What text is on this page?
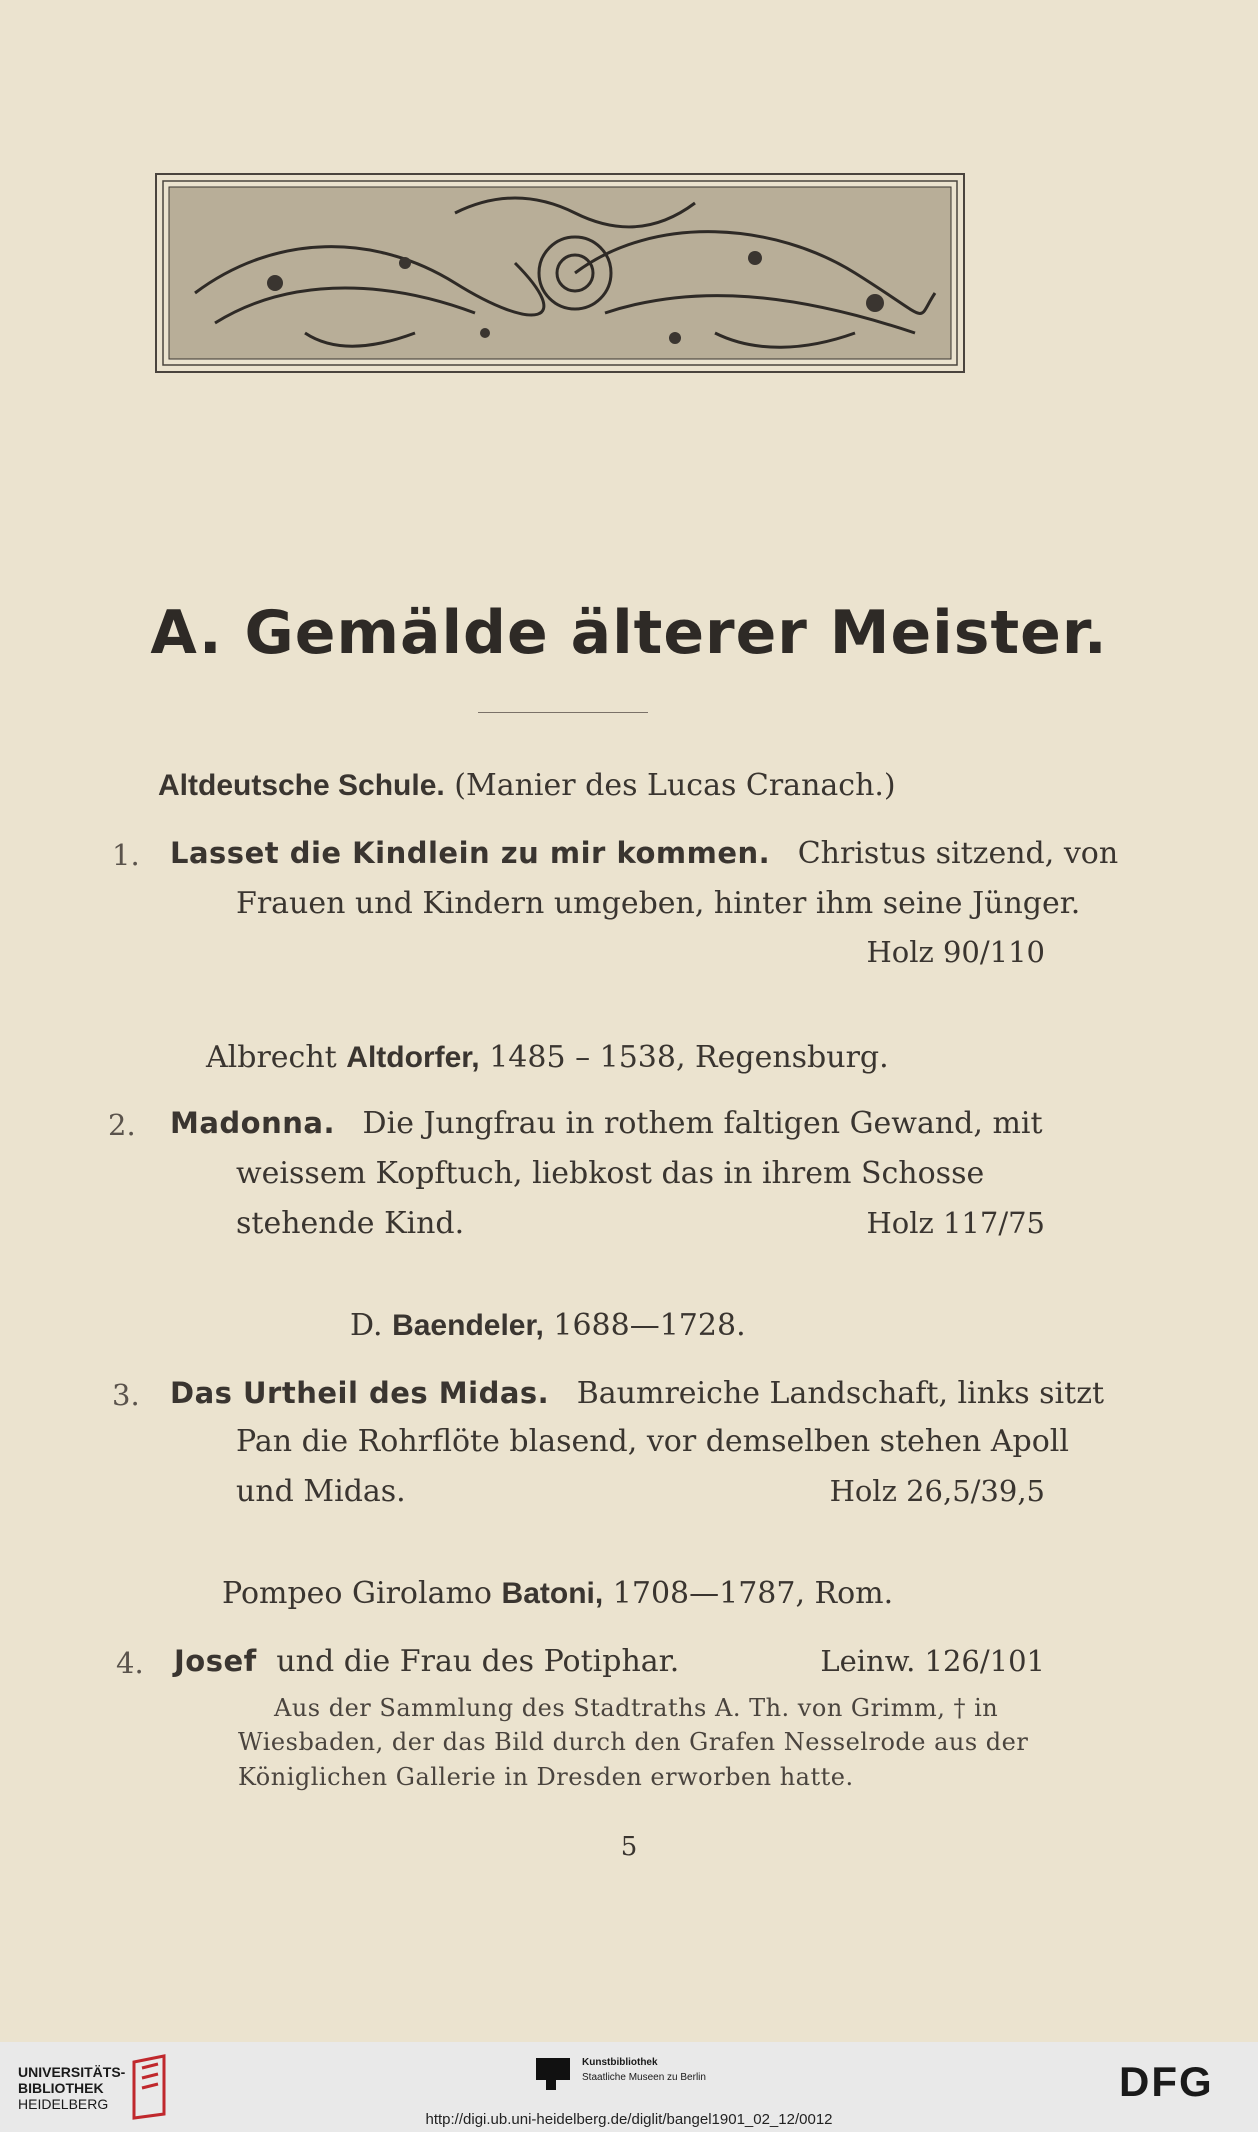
A. Gemälde älterer Meister.
Altdeutsche Schule. (Manier des Lucas Cranach.)
1. Lasset die Kindlein zu mir kommen. Christus sitzend, von
Frauen und Kindern umgeben, hinter ihm seine Jünger.
Holz 90/110
Albrecht Altdorfer, 1485 – 1538, Regensburg.
2. Madonna. Die Jungfrau in rothem faltigen Gewand, mit
weissem Kopftuch, liebkost das in ihrem Schosse
stehende Kind.	Holz 117/75
D. Baendeler, 1688—1728.
3. Das Urtheil des Midas. Baumreiche Landschaft, links sitzt
Pan die Rohrflöte blasend, vor demselben stehen Apoll
und Midas.	Holz 26,5/39,5
Pompeo Girolamo Batoni, 1708—1787, Rom.
4. Josef und die Frau des Potiphar.	Leinw. 126/101
Aus der Sammlung des Stadtraths A. Th. von Grimm, † in
Wiesbaden, der das Bild durch den Grafen Nesselrode aus der
Königlichen Gallerie in Dresden erworben hatte.
5
UNIVERSITÄTS-
BIBLIOTHEK
HEIDELBERG
Kunstbibliothek
Staatliche Museen zu Berlin	DFG
http://digi.ub.uni-heidelberg.de/diglit/bangel1901_02_12/0012
